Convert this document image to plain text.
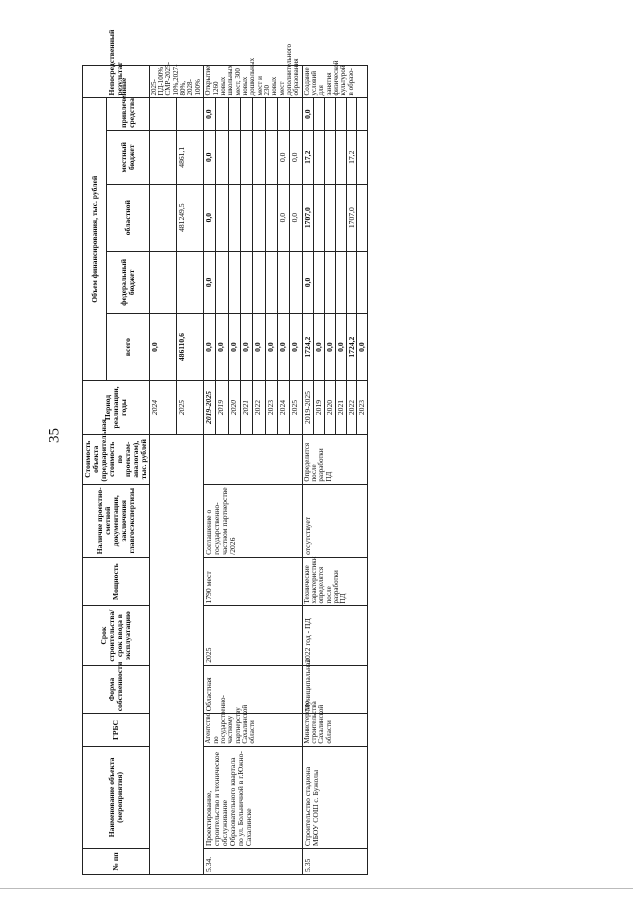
35
№ пп	Наименование объекта (мероприятия)	ГРБС	Форма собственности	Срок строительства/ срок ввода в эксплуатацию	Мощность	Наличие проектно-сметной документации, заключения главгосэкспертизы	Стоимость объекта (предварительная стоимость по проектам-аналогам), тыс. рублей	Период реализации, годы	Объем финансирования, тыс. рублей					Непосредственный результат
									всего	федеральный бюджет	областной	местный бюджет	привлеченные средства	
								2024	0,0					2025-ПД-100% СМР-2025-10%,2027-80%, 2028-100%
								2025	486110,6		481249,5	4861,1		
5.34.	Проектирование, строительство и техническое обслуживание Образовательного квартала по ул. Больничной в г.Южно-Сахалинске	Агентство по государственно-частному партнерству Сахалинской области	Областная	2025	1790 мест	Соглашение о государственно-частном партнерстве /2026		2019-2025	0,0	0,0	0,0	0,0	0,0	Открытие 1260 новых школьных мест, 300 новых дошкольных мест и 230 новых мест дополнительного образования
								2019	0,0					
								2020	0,0					
								2021	0,0					
								2022	0,0					
								2023	0,0					
								2024	0,0		0,0	0,0		
								2025	0,0		0,0	0,0		
5.35	Строительство стадиона МБОУ СОШ с. Бужолы	Министерство строительства Сахалинской области	Муниципальная	2022 год - ПД	Технические характеристики определятся после разработки ПД	отсутствует	Определится после разработки ПД	2019-2025	1724,2	0,0	1707,0	17,2	0,0	Создание условий для занятия физической культурой в образо-
								2019	0,0					
								2020	0,0					
								2021	0,0					
								2022	1724,2		1707,0	17,2		
								2023	0,0					
